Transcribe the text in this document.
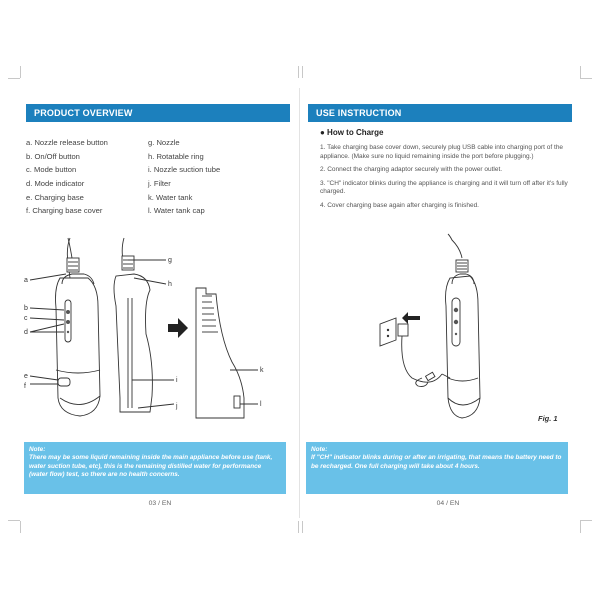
PRODUCT OVERVIEW
a. Nozzle release button
b. On/Off button
c. Mode button
d. Mode indicator
e. Charging base
f. Charging base cover
g. Nozzle
h. Rotatable ring
i. Nozzle suction tube
j. Filter
k. Water tank
l. Water tank cap
a
b
c
d
e
f
g
h
i
j
k
l
Note:
There may be some liquid remaining inside the main appliance before use (tank, water suction tube, etc), this is the remaining distilled water for performance (water flow) test, so there are no health concerns.
03 / EN
USE INSTRUCTION
● How to Charge

1. Take charging base cover down, securely plug USB cable into charging port of the appliance. (Make sure no liquid remaining inside the port before plugging.)

2. Connect the charging adaptor securely with the power outlet.

3. "CH" indicator blinks during the appliance is charging and it will turn off after it's fully charged.

4. Cover charging base again after charging is finished.

Fig. 1
Note:
If "CH" indicator blinks during or after an irrigating, that means the battery need to be recharged. One full charging will take about 4 hours.
04 / EN
